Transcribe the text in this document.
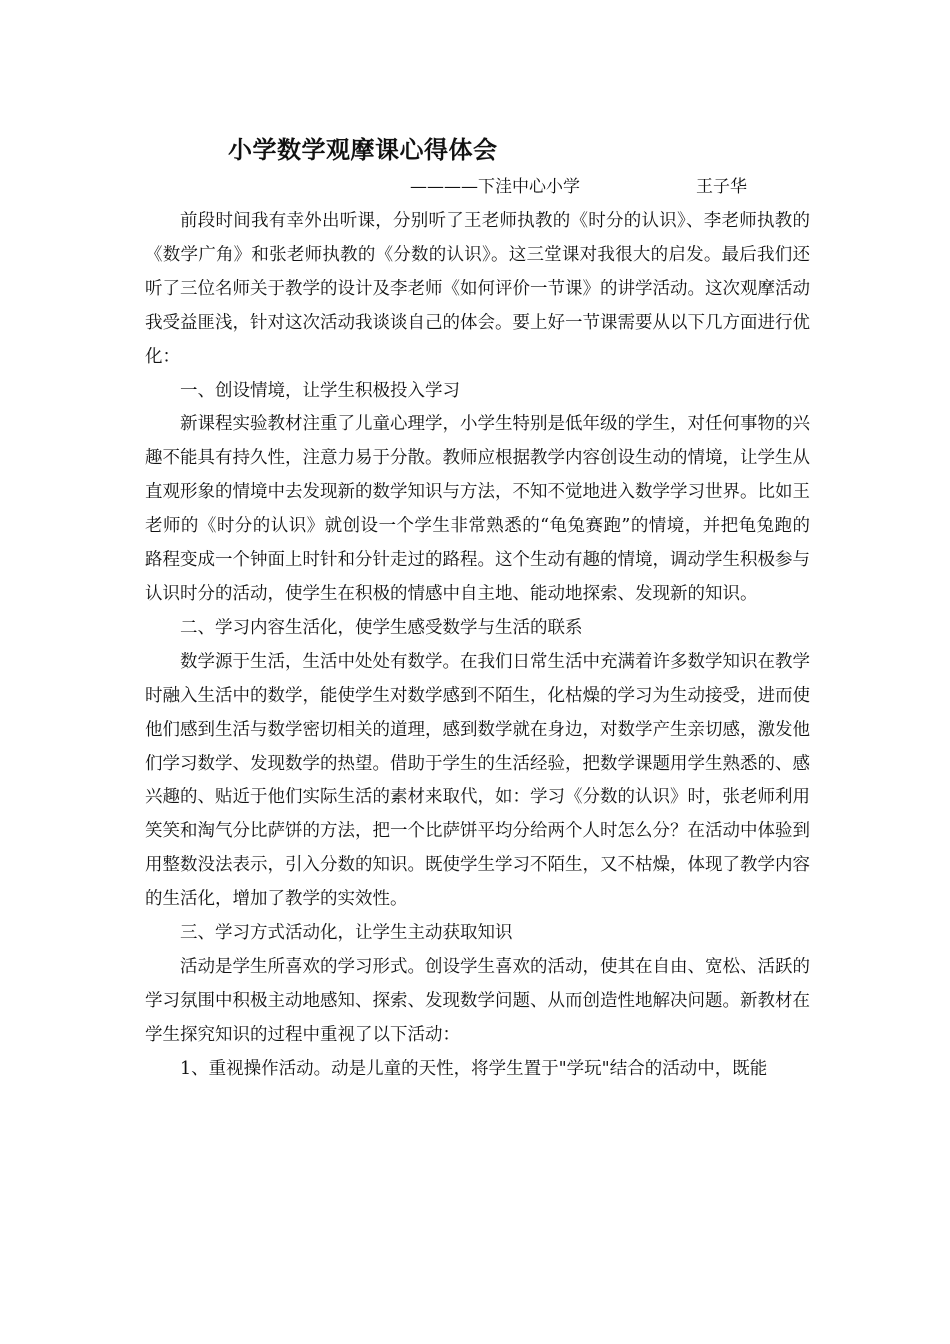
小学数学观摩课心得体会
————下洼中心小学	王子华

前段时间我有幸外出听课，分别听了王老师执教的《时分的认识》、李老师执教的《数学广角》和张老师执教的《分数的认识》。这三堂课对我很大的启发。最后我们还听了三位名师关于教学的设计及李老师《如何评价一节课》的讲学活动。这次观摩活动我受益匪浅，针对这次活动我谈谈自己的体会。要上好一节课需要从以下几方面进行优化：

一、创设情境，让学生积极投入学习

新课程实验教材注重了儿童心理学，小学生特别是低年级的学生，对任何事物的兴趣不能具有持久性，注意力易于分散。教师应根据教学内容创设生动的情境，让学生从直观形象的情境中去发现新的数学知识与方法，不知不觉地进入数学学习世界。比如王老师的《时分的认识》就创设一个学生非常熟悉的“龟兔赛跑”的情境，并把龟兔跑的路程变成一个钟面上时针和分针走过的路程。这个生动有趣的情境，调动学生积极参与认识时分的活动，使学生在积极的情感中自主地、能动地探索、发现新的知识。

二、学习内容生活化，使学生感受数学与生活的联系

数学源于生活，生活中处处有数学。在我们日常生活中充满着许多数学知识在教学时融入生活中的数学，能使学生对数学感到不陌生，化枯燥的学习为生动接受，进而使他们感到生活与数学密切相关的道理，感到数学就在身边，对数学产生亲切感，激发他们学习数学、发现数学的热望。借助于学生的生活经验，把数学课题用学生熟悉的、感兴趣的、贴近于他们实际生活的素材来取代，如：学习《分数的认识》时，张老师利用笑笑和淘气分比萨饼的方法，把一个比萨饼平均分给两个人时怎么分？在活动中体验到用整数没法表示，引入分数的知识。既使学生学习不陌生，又不枯燥，体现了教学内容的生活化，增加了教学的实效性。

三、学习方式活动化，让学生主动获取知识

活动是学生所喜欢的学习形式。创设学生喜欢的活动，使其在自由、宽松、活跃的学习氛围中积极主动地感知、探索、发现数学问题、从而创造性地解决问题。新教材在学生探究知识的过程中重视了以下活动：

1、重视操作活动。动是儿童的天性，将学生置于"学玩"结合的活动中，既能
